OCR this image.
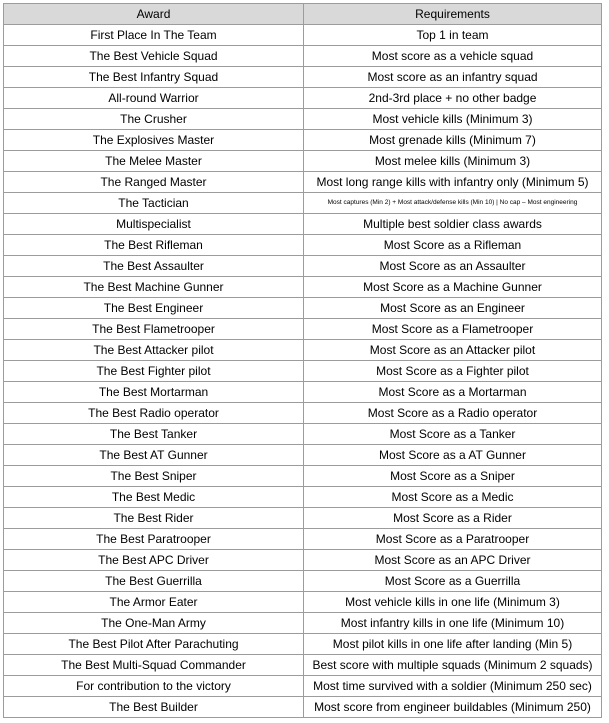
Award	Requirements
First Place In The Team	Top 1 in team
The Best Vehicle Squad	Most score as a vehicle squad
The Best Infantry Squad	Most score as an infantry squad
All-round Warrior	2nd-3rd place + no other badge
The Crusher	Most vehicle kills (Minimum 3)
The Explosives Master	Most grenade kills (Minimum 7)
The Melee Master	Most melee kills (Minimum 3)
The Ranged Master	Most long range kills with infantry only (Minimum 5)
The Tactician	Most captures (Min 2) + Most attack/defense kills (Min 10) | No cap – Most engineering
Multispecialist	Multiple best soldier class awards
The Best Rifleman	Most Score as a Rifleman
The Best Assaulter	Most Score as an Assaulter
The Best Machine Gunner	Most Score as a Machine Gunner
The Best Engineer	Most Score as an Engineer
The Best Flametrooper	Most Score as a Flametrooper
The Best Attacker pilot	Most Score as an Attacker pilot
The Best Fighter pilot	Most Score as a Fighter pilot
The Best Mortarman	Most Score as a Mortarman
The Best Radio operator	Most Score as a Radio operator
The Best Tanker	Most Score as a Tanker
The Best AT Gunner	Most Score as a AT Gunner
The Best Sniper	Most Score as a Sniper
The Best Medic	Most Score as a Medic
The Best Rider	Most Score as a Rider
The Best Paratrooper	Most Score as a Paratrooper
The Best APC Driver	Most Score as an APC Driver
The Best Guerrilla	Most Score as a Guerrilla
The Armor Eater	Most vehicle kills in one life (Minimum 3)
The One-Man Army	Most infantry kills in one life (Minimum 10)
The Best Pilot After Parachuting	Most pilot kills in one life after landing (Min 5)
The Best Multi-Squad Commander	Best score with multiple squads (Minimum 2 squads)
For contribution to the victory	Most time survived with a soldier (Minimum 250 sec)
The Best Builder	Most score from engineer buildables (Minimum 250)
